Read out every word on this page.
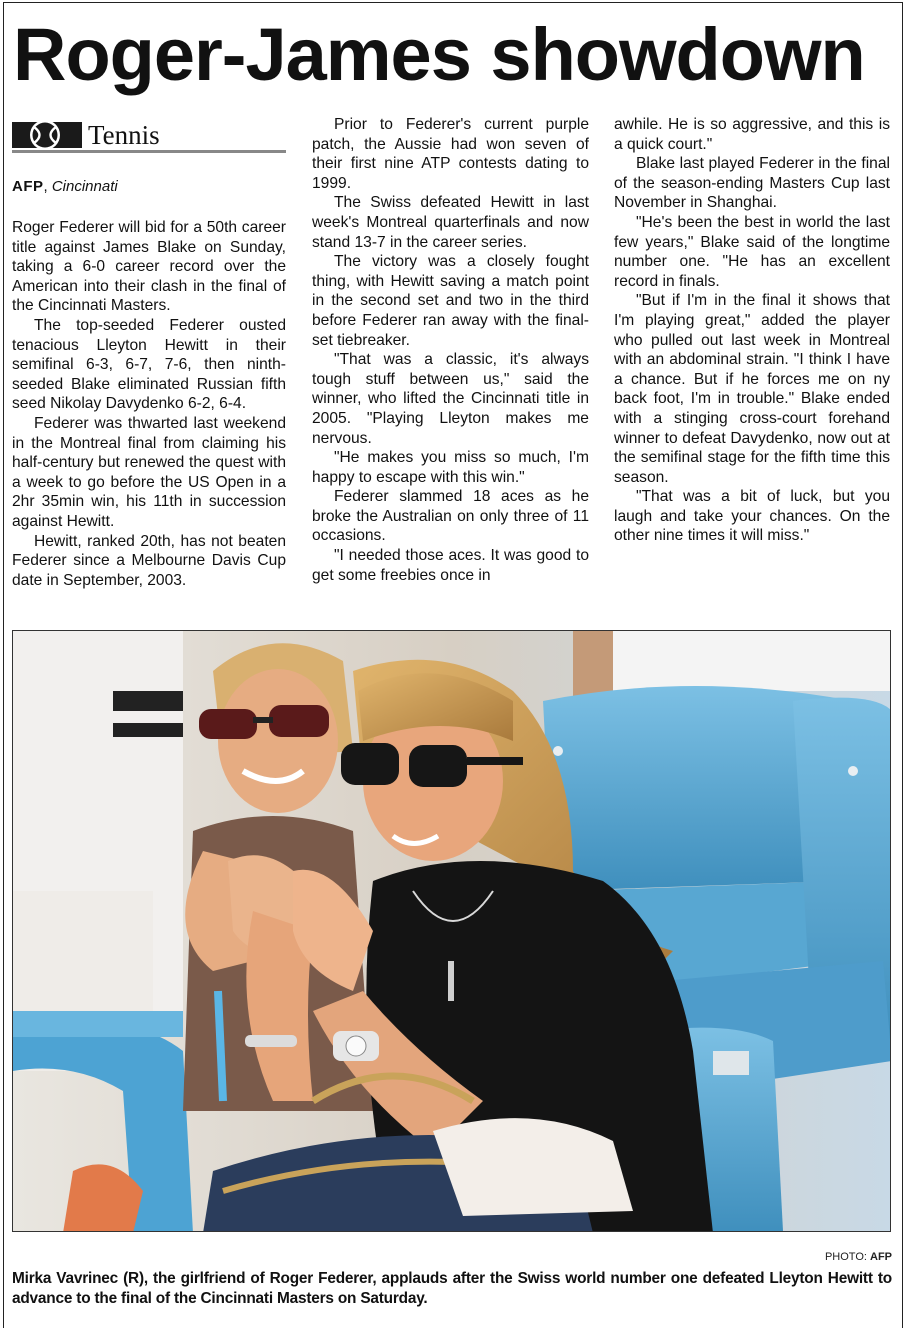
Roger-James showdown
Tennis
AFP, Cincinnati

Roger Federer will bid for a 50th career title against James Blake on Sunday, taking a 6-0 career record over the American into their clash in the final of the Cincinnati Masters.

The top-seeded Federer ousted tenacious Lleyton Hewitt in their semifinal 6-3, 6-7, 7-6, then ninth-seeded Blake eliminated Russian fifth seed Nikolay Davydenko 6-2, 6-4.

Federer was thwarted last weekend in the Montreal final from claiming his half-century but renewed the quest with a week to go before the US Open in a 2hr 35min win, his 11th in succession against Hewitt.

Hewitt, ranked 20th, has not beaten Federer since a Melbourne Davis Cup date in September, 2003.

Prior to Federer's current purple patch, the Aussie had won seven of their first nine ATP contests dating to 1999.

The Swiss defeated Hewitt in last week's Montreal quarterfinals and now stand 13-7 in the career series.

The victory was a closely fought thing, with Hewitt saving a match point in the second set and two in the third before Federer ran away with the final-set tiebreaker.

"That was a classic, it's always tough stuff between us," said the winner, who lifted the Cincinnati title in 2005. "Playing Lleyton makes me nervous.

"He makes you miss so much, I'm happy to escape with this win."

Federer slammed 18 aces as he broke the Australian on only three of 11 occasions.

"I needed those aces. It was good to get some freebies once in

awhile. He is so aggressive, and this is a quick court."

Blake last played Federer in the final of the season-ending Masters Cup last November in Shanghai.

"He's been the best in world the last few years," Blake said of the longtime number one. "He has an excellent record in finals.

"But if I'm in the final it shows that I'm playing great," added the player who pulled out last week in Montreal with an abdominal strain. "I think I have a chance. But if he forces me on ny back foot, I'm in trouble." Blake ended with a stinging cross-court forehand winner to defeat Davydenko, now out at the semifinal stage for the fifth time this season.

"That was a bit of luck, but you laugh and take your chances. On the other nine times it will miss."

PHOTO: AFP

Mirka Vavrinec (R), the girlfriend of Roger Federer, applauds after the Swiss world number one defeated Lleyton Hewitt to advance to the final of the Cincinnati Masters on Saturday.
